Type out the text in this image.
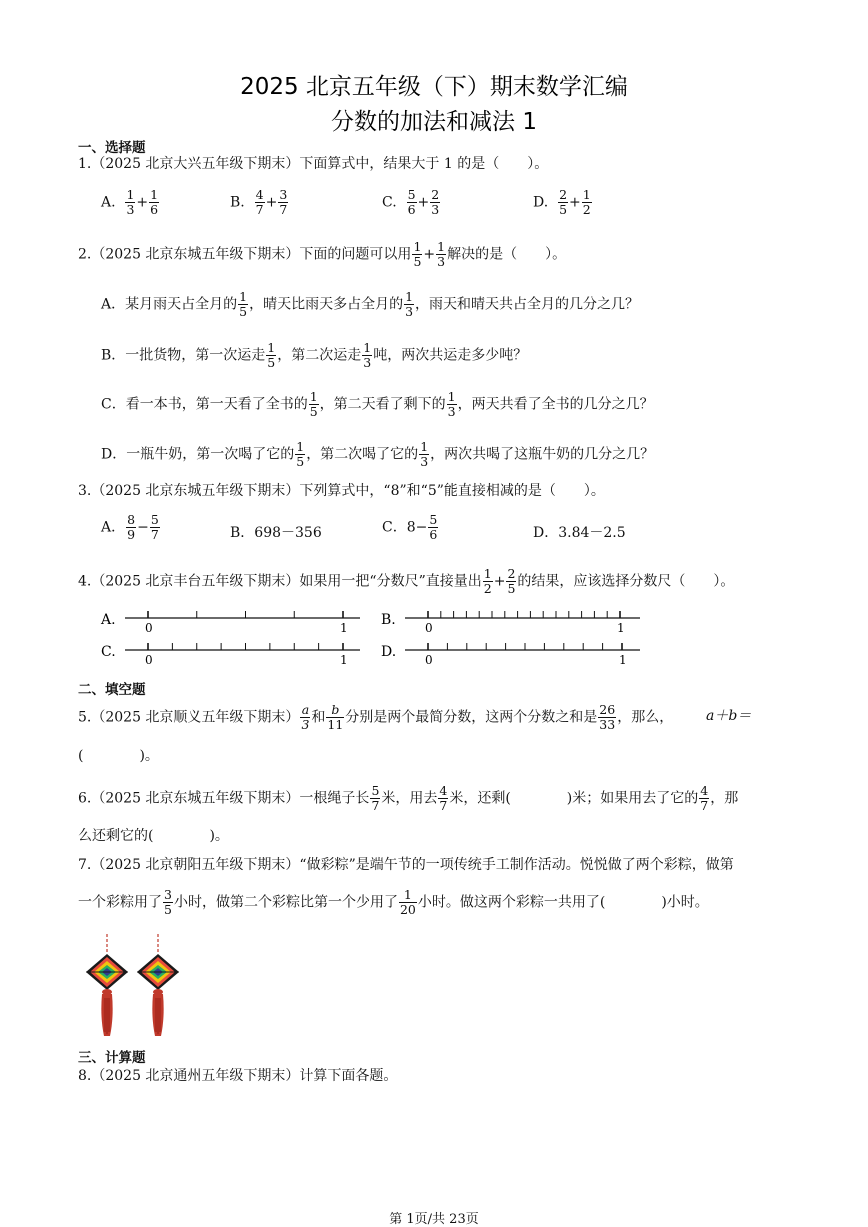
2025 北京五年级（下）期末数学汇编
分数的加法和减法 1
一、选择题
1.（2025 北京大兴五年级下期末）下面算式中，结果大于 1 的是（　　）。
A. $\frac{1}{3} + \frac{1}{6}$	B. $\frac{4}{7} + \frac{3}{7}$	C. $\frac{5}{6} + \frac{2}{3}$	D. $\frac{2}{5} + \frac{1}{2}$
2.（2025 北京东城五年级下期末）下面的问题可以用 $\frac{1}{5} + \frac{1}{3}$ 解决的是（　　）。
A．某月雨天占全月的 $\frac{1}{5}$ ，晴天比雨天多占全月的 $\frac{1}{3}$ ，雨天和晴天共占全月的几分之几？
B．一批货物，第一次运走 $\frac{1}{5}$ ，第二次运走 $\frac{1}{3}$ 吨，两次共运走多少吨？
C．看一本书，第一天看了全书的 $\frac{1}{5}$ ，第二天看了剩下的 $\frac{1}{3}$ ，两天共看了全书的几分之几？
D．一瓶牛奶，第一次喝了它的 $\frac{1}{5}$ ，第二次喝了它的 $\frac{1}{3}$ ，两次共喝了这瓶牛奶的几分之几？
3.（2025 北京东城五年级下期末）下列算式中，“8”和“5”能直接相减的是（　　）。
A． $\frac{8}{9} - \frac{5}{7}$	B．698－356	C．$8- \frac{5}{6}$	D．3.84－2.5
4.（2025 北京丰台五年级下期末）如果用一把“分数尺”直接量出 $\frac{1}{2} + \frac{2}{5}$ 的结果，应该选择分数尺（　　）。
A. 0	1 B. 0	1
C. 0	1 D. 0	1
二、填空题
5.（2025 北京顺义五年级下期末） $\frac{a}{3}$ 和 $\frac{b}{11}$ 分别是两个最简分数，这两个分数之和是 $\frac{26}{33}$ ，那么， a＋b＝
(　　　　)。
6.（2025 北京东城五年级下期末）一根绳子长 $\frac{5}{7}$ 米，用去 $\frac{4}{7}$ 米，还剩(　　　　)米；如果用去了它的 $\frac{4}{7}$ ，那
么还剩它的(　　　　)。
7.（2025 北京朝阳五年级下期末）“做彩粽”是端午节的一项传统手工制作活动。悦悦做了两个彩粽，做第
一个彩粽用了 $\frac{3}{5}$ 小时，做第二个彩粽比第一个少用了 $\frac{1}{20}$ 小时。做这两个彩粽一共用了(　　　　)小时。
三、计算题
8.（2025 北京通州五年级下期末）计算下面各题。
第 1页/共 23页
